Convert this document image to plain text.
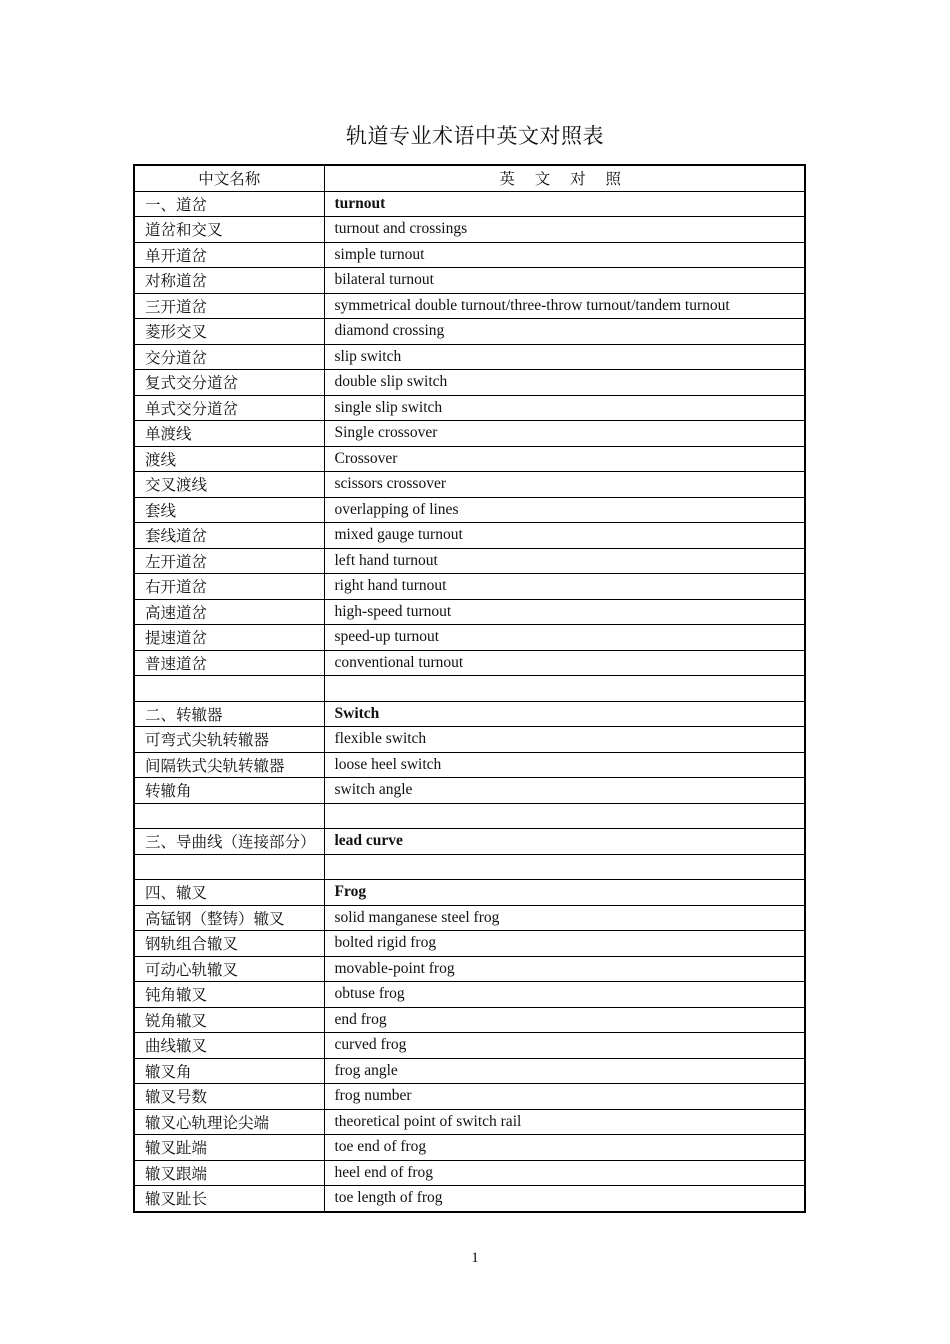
轨道专业术语中英文对照表
中文名称	英 文 对 照
一、道岔	turnout
道岔和交叉	turnout and crossings
单开道岔	simple turnout
对称道岔	bilateral turnout
三开道岔	symmetrical double turnout/three-throw turnout/tandem turnout
菱形交叉	diamond crossing
交分道岔	slip switch
复式交分道岔	double slip switch
单式交分道岔	single slip switch
单渡线	Single crossover
渡线	Crossover
交叉渡线	scissors crossover
套线	overlapping of lines
套线道岔	mixed gauge turnout
左开道岔	left hand turnout
右开道岔	right hand turnout
高速道岔	high-speed turnout
提速道岔	speed-up turnout
普速道岔	conventional turnout

二、转辙器	Switch
可弯式尖轨转辙器	flexible switch
间隔铁式尖轨转辙器	loose heel switch
转辙角	switch angle

三、导曲线（连接部分）	lead curve

四、辙叉	Frog
高锰钢（整铸）辙叉	solid manganese steel frog
钢轨组合辙叉	bolted rigid frog
可动心轨辙叉	movable-point frog
钝角辙叉	obtuse frog
锐角辙叉	end frog
曲线辙叉	curved frog
辙叉角	frog angle
辙叉号数	frog number
辙叉心轨理论尖端	theoretical point of switch rail
辙叉趾端	toe end of frog
辙叉跟端	heel end of frog
辙叉趾长	toe length of frog
1
